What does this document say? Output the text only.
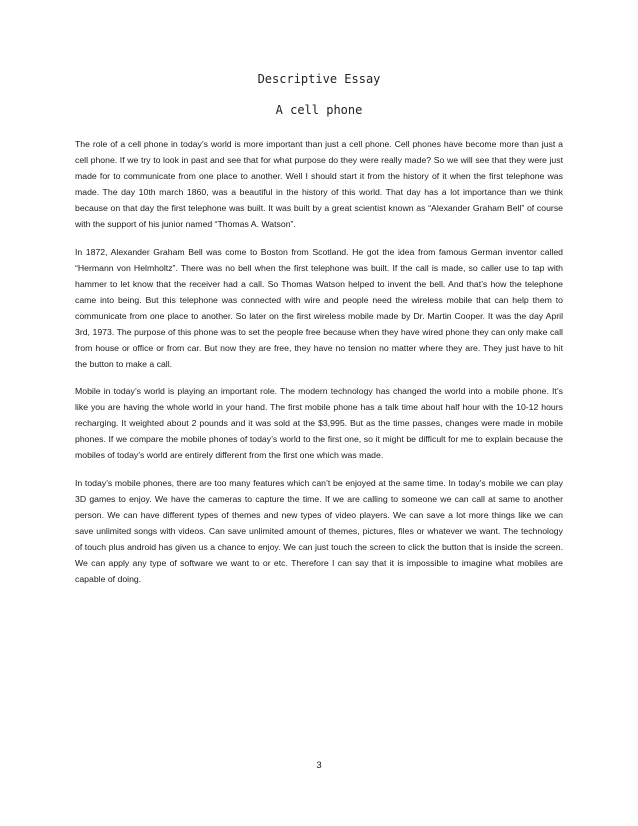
Descriptive Essay
A cell phone

The role of a cell phone in today’s world is more important than just a cell phone. Cell phones have become more than just a cell phone. If we try to look in past and see that for what purpose do they were really made? So we will see that they were just made for to communicate from one place to another. Well I should start it from the history of it when the first telephone was made. The day 10th march 1860, was a beautiful in the history of this world. That day has a lot importance than we think because on that day the first telephone was built. It was built by a great scientist known as “Alexander Graham Bell” of course with the support of his junior named “Thomas A. Watson”.

In 1872, Alexander Graham Bell was come to Boston from Scotland. He got the idea from famous German inventor called “Hermann von Helmholtz”. There was no bell when the first telephone was built. If the call is made, so caller use to tap with hammer to let know that the receiver had a call. So Thomas Watson helped to invent the bell. And that’s how the telephone came into being. But this telephone was connected with wire and people need the wireless mobile that can help them to communicate from one place to another. So later on the first wireless mobile made by Dr. Martin Cooper. It was the day April 3rd, 1973. The purpose of this phone was to set the people free because when they have wired phone they can only make call from house or office or from car. But now they are free, they have no tension no matter where they are. They just have to hit the button to make a call.

Mobile in today’s world is playing an important role. The modern technology has changed the world into a mobile phone. It’s like you are having the whole world in your hand. The first mobile phone has a talk time about half hour with the 10-12 hours recharging. It weighted about 2 pounds and it was sold at the $3,995. But as the time passes, changes were made in mobile phones. If we compare the mobile phones of today’s world to the first one, so it might be difficult for me to explain because the mobiles of today’s world are entirely different from the first one which was made.

In today’s mobile phones, there are too many features which can’t be enjoyed at the same time. In today’s mobile we can play 3D games to enjoy. We have the cameras to capture the time. If we are calling to someone we can call at same to another person. We can have different types of themes and new types of video players. We can save a lot more things like we can save unlimited songs with videos. Can save unlimited amount of themes, pictures, files or whatever we want. The technology of touch plus android has given us a chance to enjoy. We can just touch the screen to click the button that is inside the screen. We can apply any type of software we want to or etc. Therefore I can say that it is impossible to imagine what mobiles are capable of doing.

3
